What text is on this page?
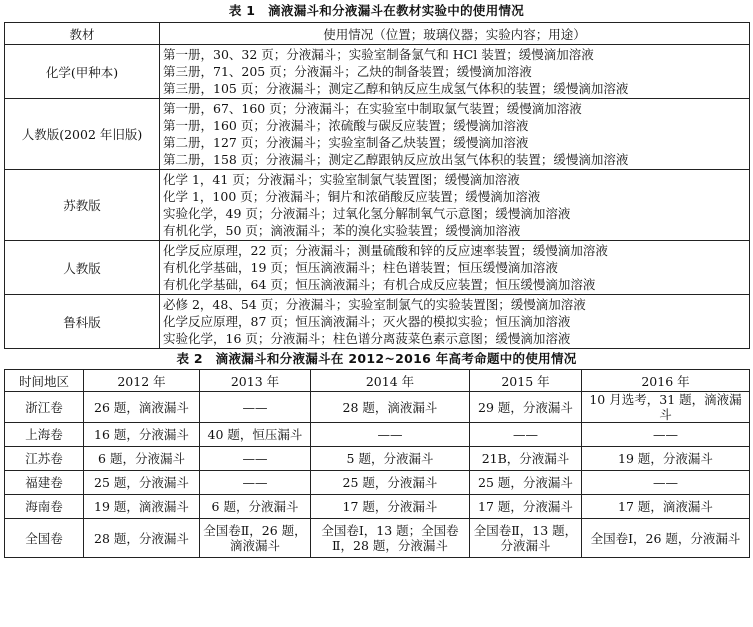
表 1　滴液漏斗和分液漏斗在教材实验中的使用情况
教材	使用情况（位置；玻璃仪器；实验内容；用途）
化学(甲种本)	第一册，30、32 页；分液漏斗；实验室制备氯气和 HCl 装置；缓慢滴加溶液
第三册，71、205 页；分液漏斗；乙炔的制备装置；缓慢滴加溶液
第三册，105 页；分液漏斗；测定乙醇和钠反应生成氢气体积的装置；缓慢滴加溶液

人教版(2002 年旧版)	第一册，67、160 页；分液漏斗；在实验室中制取氯气装置；缓慢滴加溶液
第一册，160 页；分液漏斗；浓硫酸与碳反应装置；缓慢滴加溶液
第二册，127 页；分液漏斗；实验室制备乙炔装置；缓慢滴加溶液
第二册，158 页；分液漏斗；测定乙醇跟钠反应放出氢气体积的装置；缓慢滴加溶液

苏教版	化学 1，41 页；分液漏斗；实验室制氯气装置图；缓慢滴加溶液
化学 1，100 页；分液漏斗；铜片和浓硝酸反应装置；缓慢滴加溶液
实验化学，49 页；分液漏斗；过氧化氢分解制氧气示意图；缓慢滴加溶液
有机化学，50 页；滴液漏斗；苯的溴化实验装置；缓慢滴加溶液

人教版	化学反应原理，22 页；分液漏斗；测量硫酸和锌的反应速率装置；缓慢滴加溶液
有机化学基础，19 页；恒压滴液漏斗；柱色谱装置；恒压缓慢滴加溶液
有机化学基础，64 页；恒压滴液漏斗；有机合成反应装置；恒压缓慢滴加溶液

鲁科版	必修 2，48、54 页；分液漏斗；实验室制氯气的实验装置图；缓慢滴加溶液
化学反应原理，87 页；恒压滴液漏斗；灭火器的模拟实验；恒压滴加溶液
实验化学，16 页；分液漏斗；柱色谱分离菠菜色素示意图；缓慢滴加溶液
表 2　滴液漏斗和分液漏斗在 2012~2016 年高考命题中的使用情况
时间地区	2012 年	2013 年	2014 年	2015 年	2016 年
浙江卷	26 题，滴液漏斗	——	28 题，滴液漏斗	29 题，分液漏斗	10 月选考，31 题，滴液漏斗
上海卷	16 题，分液漏斗	40 题，恒压漏斗	——	——	——
江苏卷	6 题，分液漏斗	——	5 题，分液漏斗	21B，分液漏斗	19 题，分液漏斗
福建卷	25 题，分液漏斗	——	25 题，分液漏斗	25 题，分液漏斗	——
海南卷	19 题，滴液漏斗	6 题，分液漏斗	17 题，分液漏斗	17 题，分液漏斗	17 题，滴液漏斗
全国卷	28 题，分液漏斗	全国卷Ⅱ，26 题，滴液漏斗	全国卷Ⅰ，13 题；全国卷Ⅱ，28 题，分液漏斗	全国卷Ⅱ，13 题，分液漏斗	全国卷Ⅰ，26 题，分液漏斗
